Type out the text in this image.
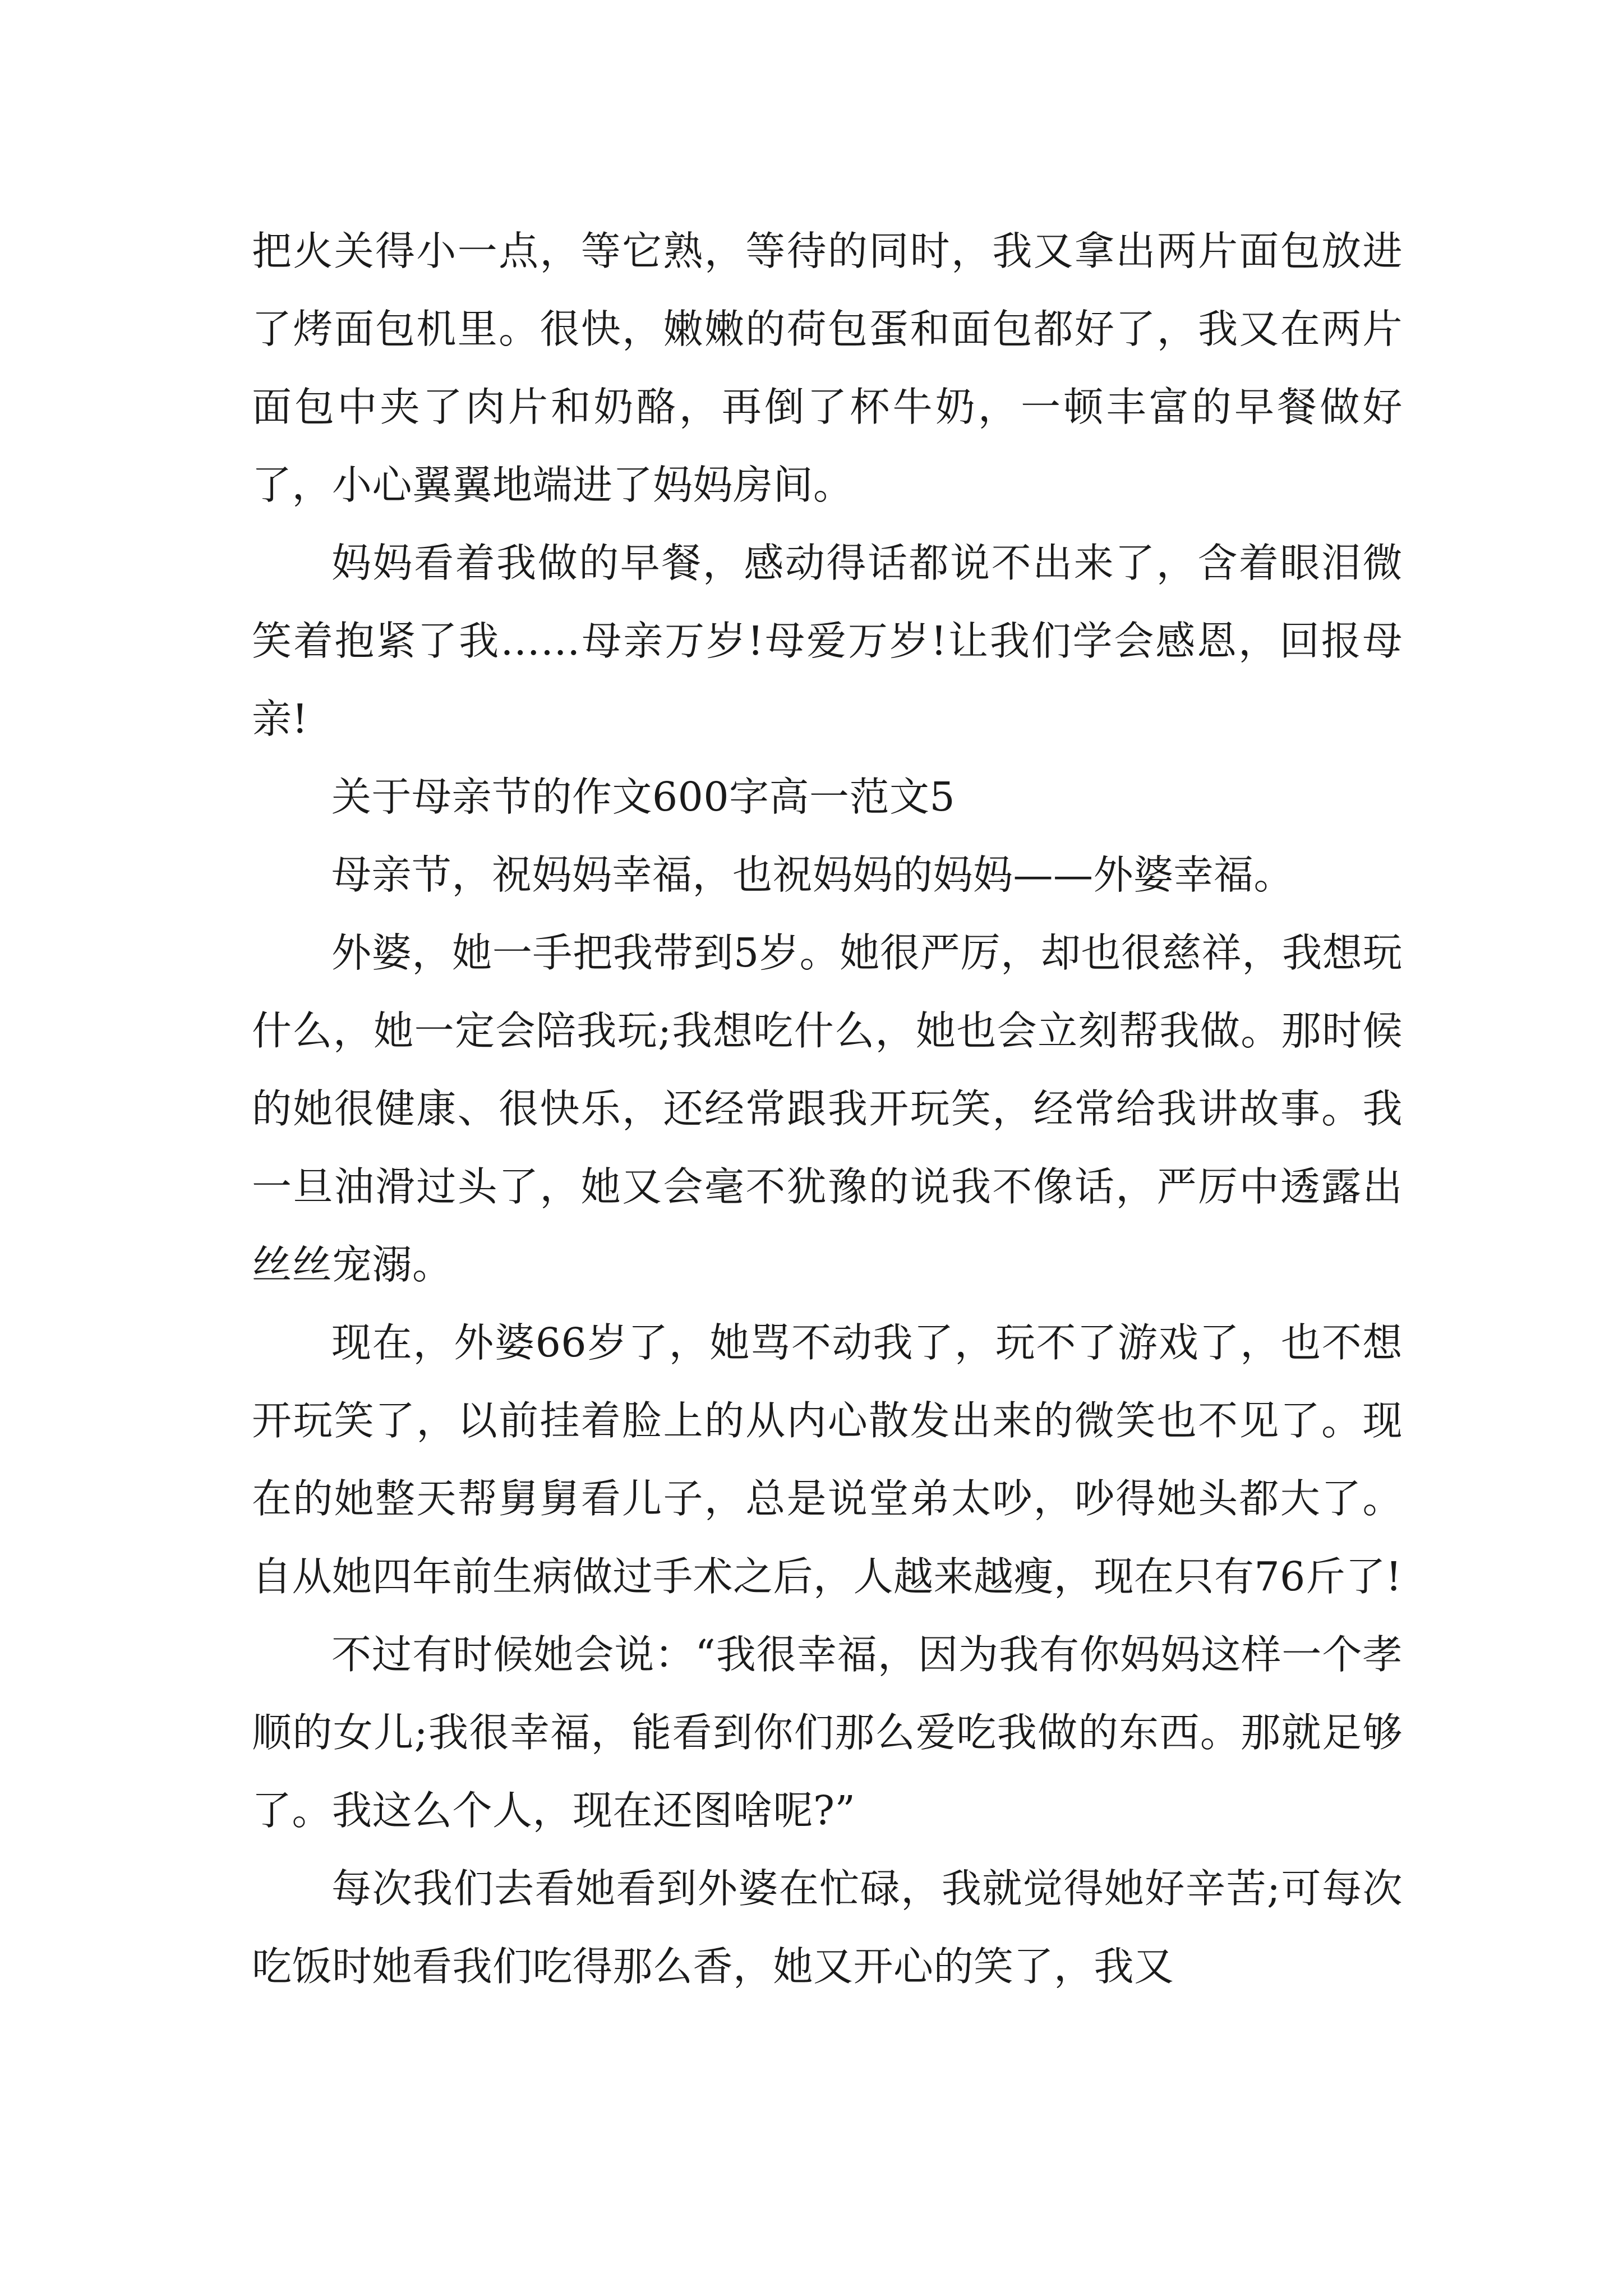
把火关得小一点，等它熟，等待的同时，我又拿出两片面包放进了烤面包机里。很快，嫩嫩的荷包蛋和面包都好了，我又在两片面包中夹了肉片和奶酪，再倒了杯牛奶，一顿丰富的早餐做好了，小心翼翼地端进了妈妈房间。

妈妈看着我做的早餐，感动得话都说不出来了，含着眼泪微笑着抱紧了我……母亲万岁!母爱万岁!让我们学会感恩，回报母亲!

关于母亲节的作文600字高一范文5

母亲节，祝妈妈幸福，也祝妈妈的妈妈——外婆幸福。

外婆，她一手把我带到5岁。她很严厉，却也很慈祥，我想玩什么，她一定会陪我玩;我想吃什么，她也会立刻帮我做。那时候的她很健康、很快乐，还经常跟我开玩笑，经常给我讲故事。我一旦油滑过头了，她又会毫不犹豫的说我不像话，严厉中透露出丝丝宠溺。

现在，外婆66岁了，她骂不动我了，玩不了游戏了，也不想开玩笑了，以前挂着脸上的从内心散发出来的微笑也不见了。现在的她整天帮舅舅看儿子，总是说堂弟太吵，吵得她头都大了。自从她四年前生病做过手术之后，人越来越瘦，现在只有76斤了!

不过有时候她会说：“我很幸福，因为我有你妈妈这样一个孝顺的女儿;我很幸福，能看到你们那么爱吃我做的东西。那就足够了。我这么个人，现在还图啥呢?”

每次我们去看她看到外婆在忙碌，我就觉得她好辛苦;可每次吃饭时她看我们吃得那么香，她又开心的笑了，我又
